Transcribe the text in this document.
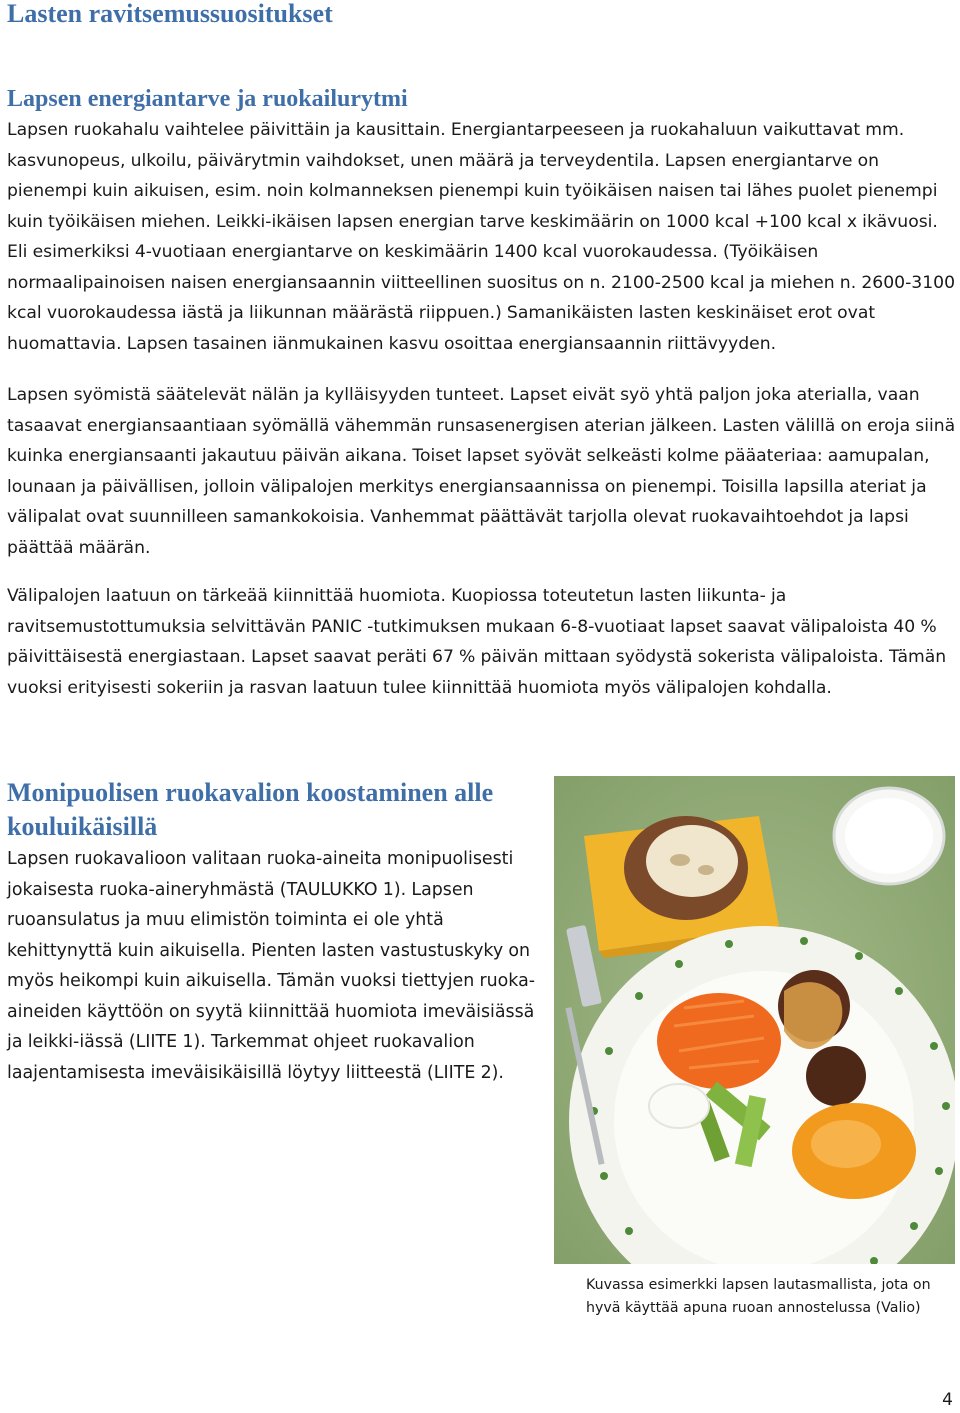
Lasten ravitsemussuositukset
Lapsen energiantarve ja ruokailurytmi

Lapsen ruokahalu vaihtelee päivittäin ja kausittain. Energiantarpeeseen ja ruokahaluun vaikuttavat mm. kasvunopeus, ulkoilu, päivärytmin vaihdokset, unen määrä ja terveydentila. Lapsen energiantarve on pienempi kuin aikuisen, esim. noin kolmanneksen pienempi kuin työikäisen naisen tai lähes puolet pienempi kuin työikäisen miehen. Leikki-ikäisen lapsen energian tarve keskimäärin on 1000 kcal +100 kcal x ikävuosi. Eli esimerkiksi 4-vuotiaan energiantarve on keskimäärin 1400 kcal vuorokaudessa. (Työikäisen normaalipainoisen naisen energiansaannin viitteellinen suositus on n. 2100-2500 kcal ja miehen n. 2600-3100 kcal vuorokaudessa iästä ja liikunnan määrästä riippuen.) Samanikäisten lasten keskinäiset erot ovat huomattavia. Lapsen tasainen iänmukainen kasvu osoittaa energiansaannin riittävyyden.

Lapsen syömistä säätelevät nälän ja kylläisyyden tunteet. Lapset eivät syö yhtä paljon joka aterialla, vaan tasaavat energiansaantiaan syömällä vähemmän runsasenergisen aterian jälkeen. Lasten välillä on eroja siinä kuinka energiansaanti jakautuu päivän aikana. Toiset lapset syövät selkeästi kolme pääateriaa: aamupalan, lounaan ja päivällisen, jolloin välipalojen merkitys energiansaannissa on pienempi. Toisilla lapsilla ateriat ja välipalat ovat suunnilleen samankokoisia. Vanhemmat päättävät tarjolla olevat ruokavaihtoehdot ja lapsi päättää määrän.

Välipalojen laatuun on tärkeää kiinnittää huomiota. Kuopiossa toteutetun lasten liikunta- ja ravitsemustottumuksia selvittävän PANIC -tutkimuksen mukaan 6-8-vuotiaat lapset saavat välipaloista 40 % päivittäisestä energiastaan. Lapset saavat peräti 67 % päivän mittaan syödystä sokerista välipaloista. Tämän vuoksi erityisesti sokeriin ja rasvan laatuun tulee kiinnittää huomiota myös välipalojen kohdalla.

Monipuolisen ruokavalion koostaminen alle kouluikäisillä

Lapsen ruokavalioon valitaan ruoka-aineita monipuolisesti jokaisesta ruoka-aineryhmästä (TAULUKKO 1). Lapsen ruoansulatus ja muu elimistön toiminta ei ole yhtä kehittynyttä kuin aikuisella. Pienten lasten vastustuskyky on myös heikompi kuin aikuisella. Tämän vuoksi tiettyjen ruoka-aineiden käyttöön on syytä kiinnittää huomiota imeväisiässä ja leikki-iässä (LIITE 1). Tarkemmat ohjeet ruokavalion laajentamisesta imeväisikäisillä löytyy liitteestä (LIITE 2).

Kuvassa esimerkki lapsen lautasmallista, jota on hyvä käyttää apuna ruoan annostelussa (Valio)

4
